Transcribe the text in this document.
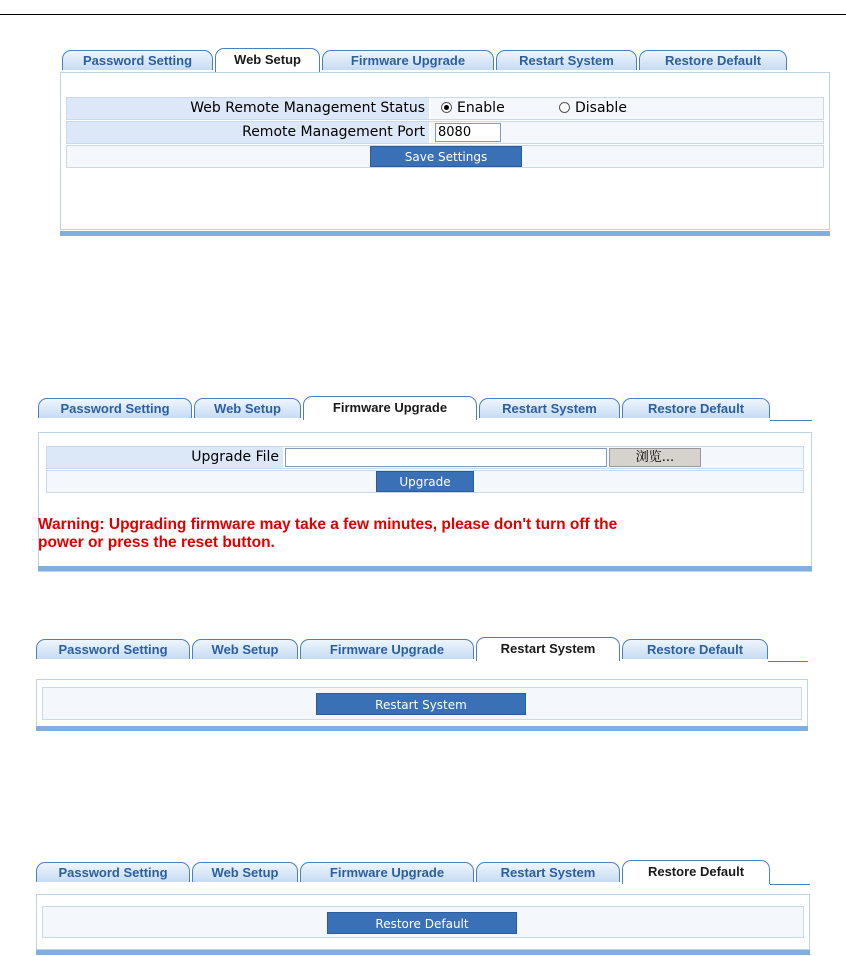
Password Setting	Web Setup	Firmware Upgrade	Restart System	Restore Default
Web Remote Management Status Enable	Disable
Remote Management Port	8080
Save Settings
Password Setting	Web Setup	Firmware Upgrade	Restart System	Restore Default
Upgrade File	浏览...
Upgrade
Warning: Upgrading firmware may take a few minutes, please don't turn off the
power or press the reset button.
Password Setting	Web Setup	Firmware Upgrade	Restart System	Restore Default
Restart System
Password Setting	Web Setup	Firmware Upgrade	Restart System	Restore Default
Restore Default
